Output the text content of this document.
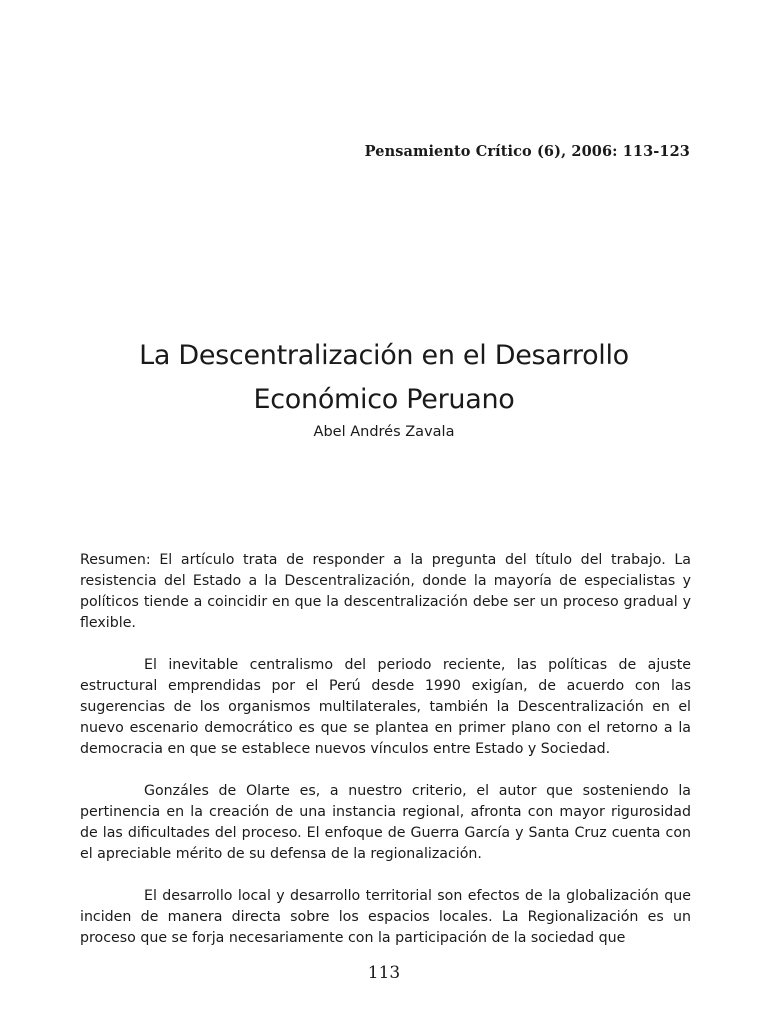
Pensamiento Crítico (6), 2006: 113-123
La Descentralización en el Desarrollo
Económico Peruano
Abel Andrés Zavala

Resumen: El artículo trata de responder a la pregunta del título del trabajo. La resistencia del Estado a la Descentralización, donde la mayoría de especialistas y políticos tiende a coincidir en que la descentralización debe ser un proceso gradual y flexible.

El inevitable centralismo del periodo reciente, las políticas de ajuste estructural emprendidas por el Perú desde 1990 exigían, de acuerdo con las sugerencias de los organismos multilaterales, también la Descentralización en el nuevo escenario democrático es que se plantea en primer plano con el retorno a la democracia en que se establece nuevos vínculos entre Estado y Sociedad.

Gonzáles de Olarte es, a nuestro criterio, el autor que sosteniendo la pertinencia en la creación de una instancia regional, afronta con mayor rigurosidad de las dificultades del proceso. El enfoque de Guerra García y Santa Cruz cuenta con el apreciable mérito de su defensa de la regionalización.

El desarrollo local y desarrollo territorial son efectos de la globalización que inciden de manera directa sobre los espacios locales. La Regionalización es un proceso que se forja necesariamente con la participación de la sociedad que

113
